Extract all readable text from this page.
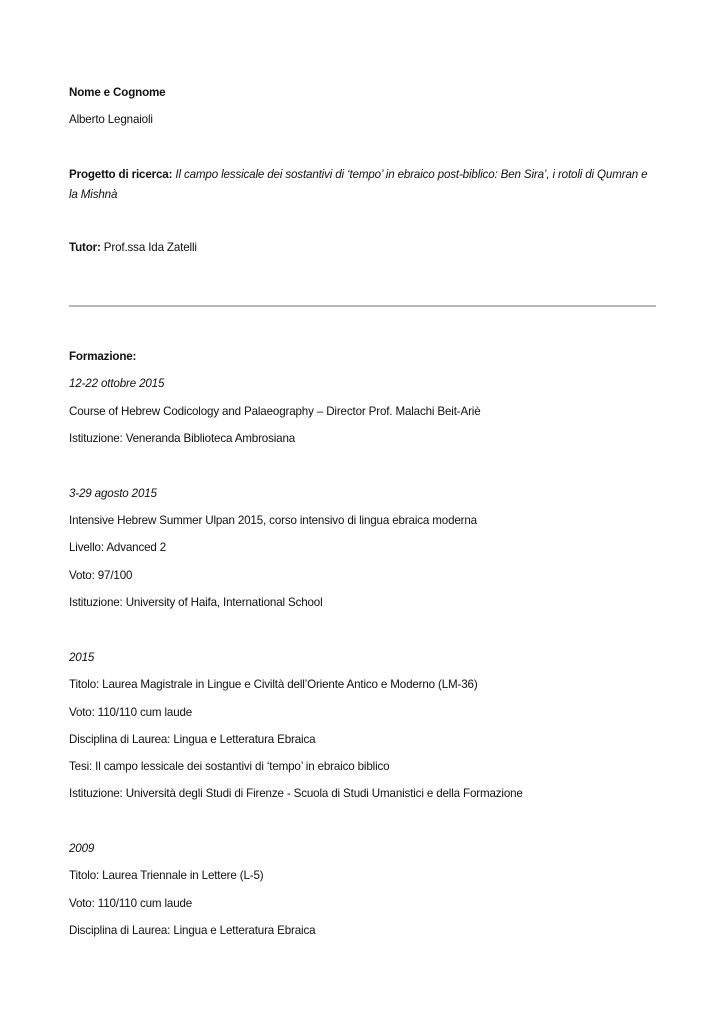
Nome e Cognome
Alberto Legnaioli
Progetto di ricerca: Il campo lessicale dei sostantivi di ‘tempo’ in ebraico post-biblico: Ben Sira’, i rotoli di Qumran e la Mishnà
Tutor: Prof.ssa Ida Zatelli
Formazione:
12-22 ottobre 2015
Course of Hebrew Codicology and Palaeography – Director Prof. Malachi Beit-Ariè
Istituzione: Veneranda Biblioteca Ambrosiana
3-29 agosto 2015
Intensive Hebrew Summer Ulpan 2015, corso intensivo di lingua ebraica moderna
Livello: Advanced 2
Voto: 97/100
Istituzione: University of Haifa, International School
2015
Titolo: Laurea Magistrale in Lingue e Civiltà dell’Oriente Antico e Moderno (LM-36)
Voto: 110/110 cum laude
Disciplina di Laurea: Lingua e Letteratura Ebraica
Tesi: Il campo lessicale dei sostantivi di ‘tempo’ in ebraico biblico
Istituzione: Università degli Studi di Firenze - Scuola di Studi Umanistici e della Formazione
2009
Titolo: Laurea Triennale in Lettere (L-5)
Voto: 110/110 cum laude
Disciplina di Laurea: Lingua e Letteratura Ebraica
